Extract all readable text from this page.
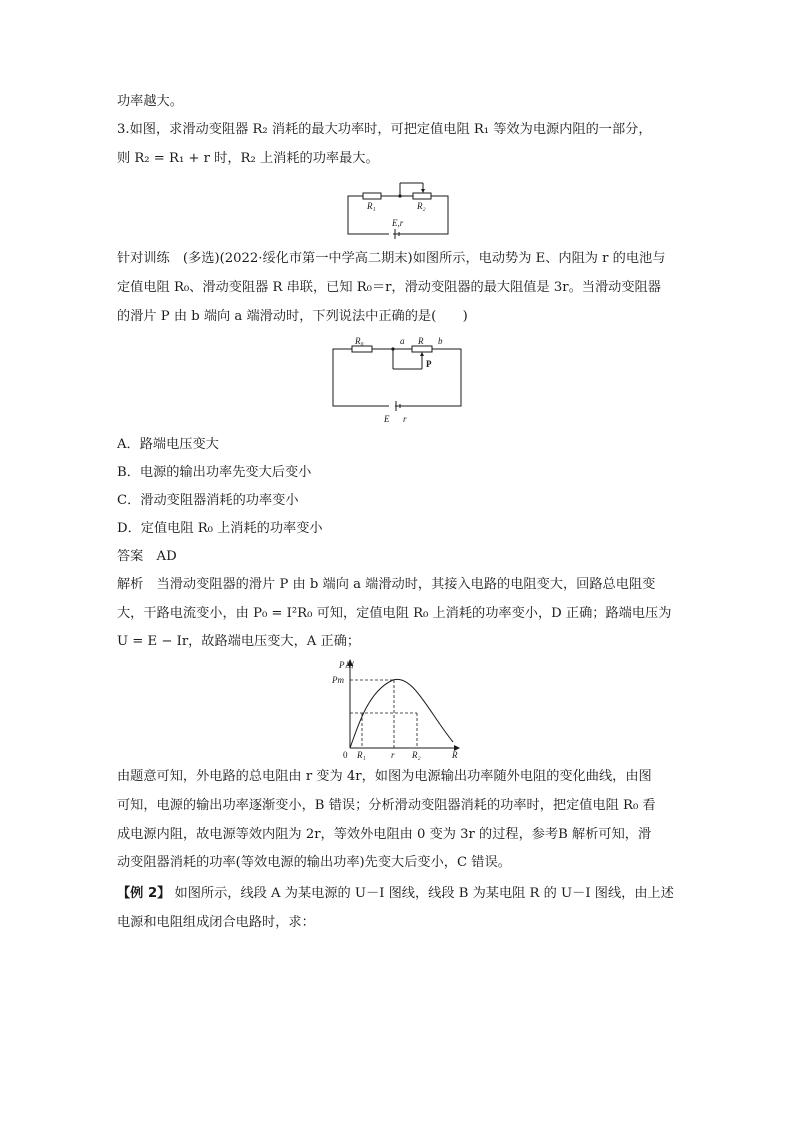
功率越大。
3.如图，求滑动变阻器 R₂ 消耗的最大功率时，可把定值电阻 R₁ 等效为电源内阻的一部分，
则 R₂ = R₁ + r 时，R₂ 上消耗的功率最大。
R₁	R₂
E,r
针对训练　(多选)(2022·绥化市第一中学高二期末)如图所示，电动势为 E、内阻为 r 的电池与
定值电阻 R₀、滑动变阻器 R 串联，已知 R₀＝r，滑动变阻器的最大阻值是 3r。当滑动变阻器
的滑片 P 由 b 端向 a 端滑动时，下列说法中正确的是(　　)
R₀	a R b
P
E r
A．路端电压变大
B．电源的输出功率先变大后变小
C．滑动变阻器消耗的功率变小
D．定值电阻 R₀ 上消耗的功率变小
答案　AD
解析　当滑动变阻器的滑片 P 由 b 端向 a 端滑动时，其接入电路的电阻变大，回路总电阻变
大，干路电流变小，由 P₀ = I²R₀ 可知，定值电阻 R₀ 上消耗的功率变小，D 正确；路端电压为
U = E − Ir，故路端电压变大，A 正确；
P出
Pm
0 R₁	r R₂	R
由题意可知，外电路的总电阻由 r 变为 4r，如图为电源输出功率随外电阻的变化曲线，由图
可知，电源的输出功率逐渐变小，B 错误；分析滑动变阻器消耗的功率时，把定值电阻 R₀ 看
成电源内阻，故电源等效内阻为 2r，等效外电阻由 0 变为 3r 的过程，参考B 解析可知，滑
动变阻器消耗的功率(等效电源的输出功率)先变大后变小，C 错误。
【例 2】 如图所示，线段 A 为某电源的 U－I 图线，线段 B 为某电阻 R 的 U－I 图线，由上述
电源和电阻组成闭合电路时，求：
